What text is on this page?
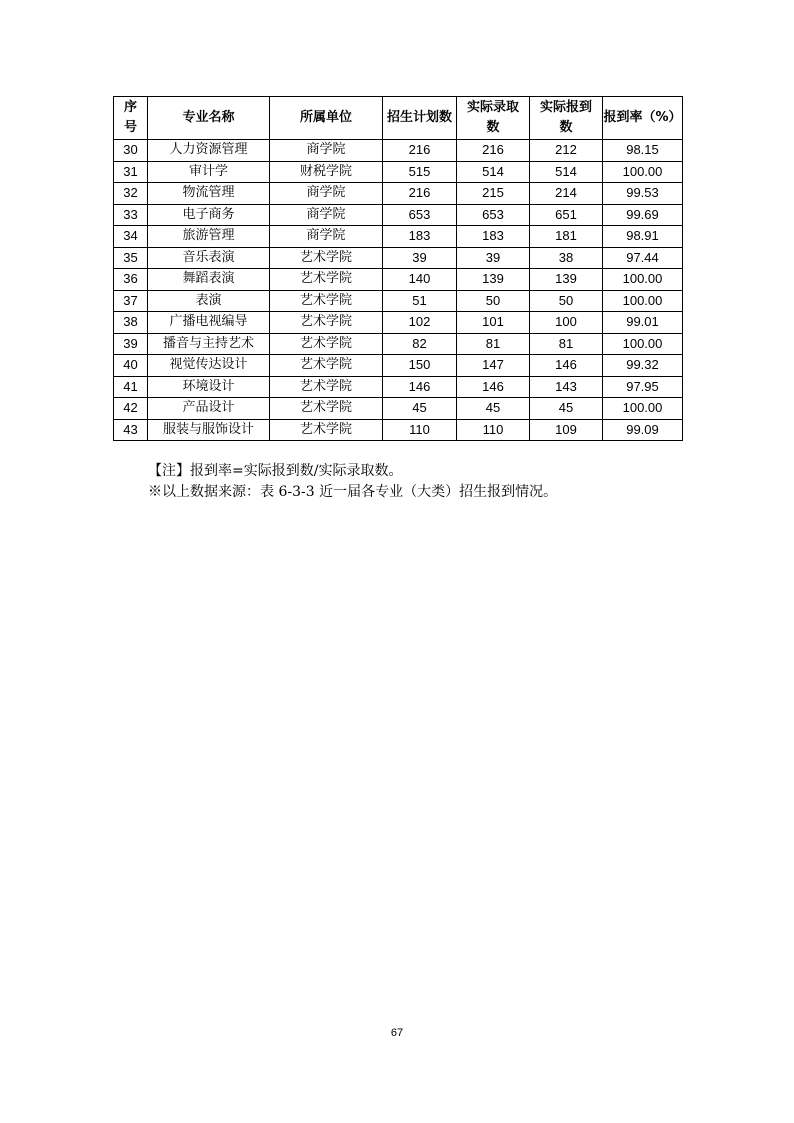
序号	专业名称	所属单位	招生计划数	实际录取数	实际报到数	报到率（%）
30	人力资源管理	商学院	216	216	212	98.15
31	审计学	财税学院	515	514	514	100.00
32	物流管理	商学院	216	215	214	99.53
33	电子商务	商学院	653	653	651	99.69
34	旅游管理	商学院	183	183	181	98.91
35	音乐表演	艺术学院	39	39	38	97.44
36	舞蹈表演	艺术学院	140	139	139	100.00
37	表演	艺术学院	51	50	50	100.00
38	广播电视编导	艺术学院	102	101	100	99.01
39	播音与主持艺术	艺术学院	82	81	81	100.00
40	视觉传达设计	艺术学院	150	147	146	99.32
41	环境设计	艺术学院	146	146	143	97.95
42	产品设计	艺术学院	45	45	45	100.00
43	服装与服饰设计	艺术学院	110	110	109	99.09
【注】报到率=实际报到数/实际录取数。
※以上数据来源：表 6-3-3 近一届各专业（大类）招生报到情况。
67
